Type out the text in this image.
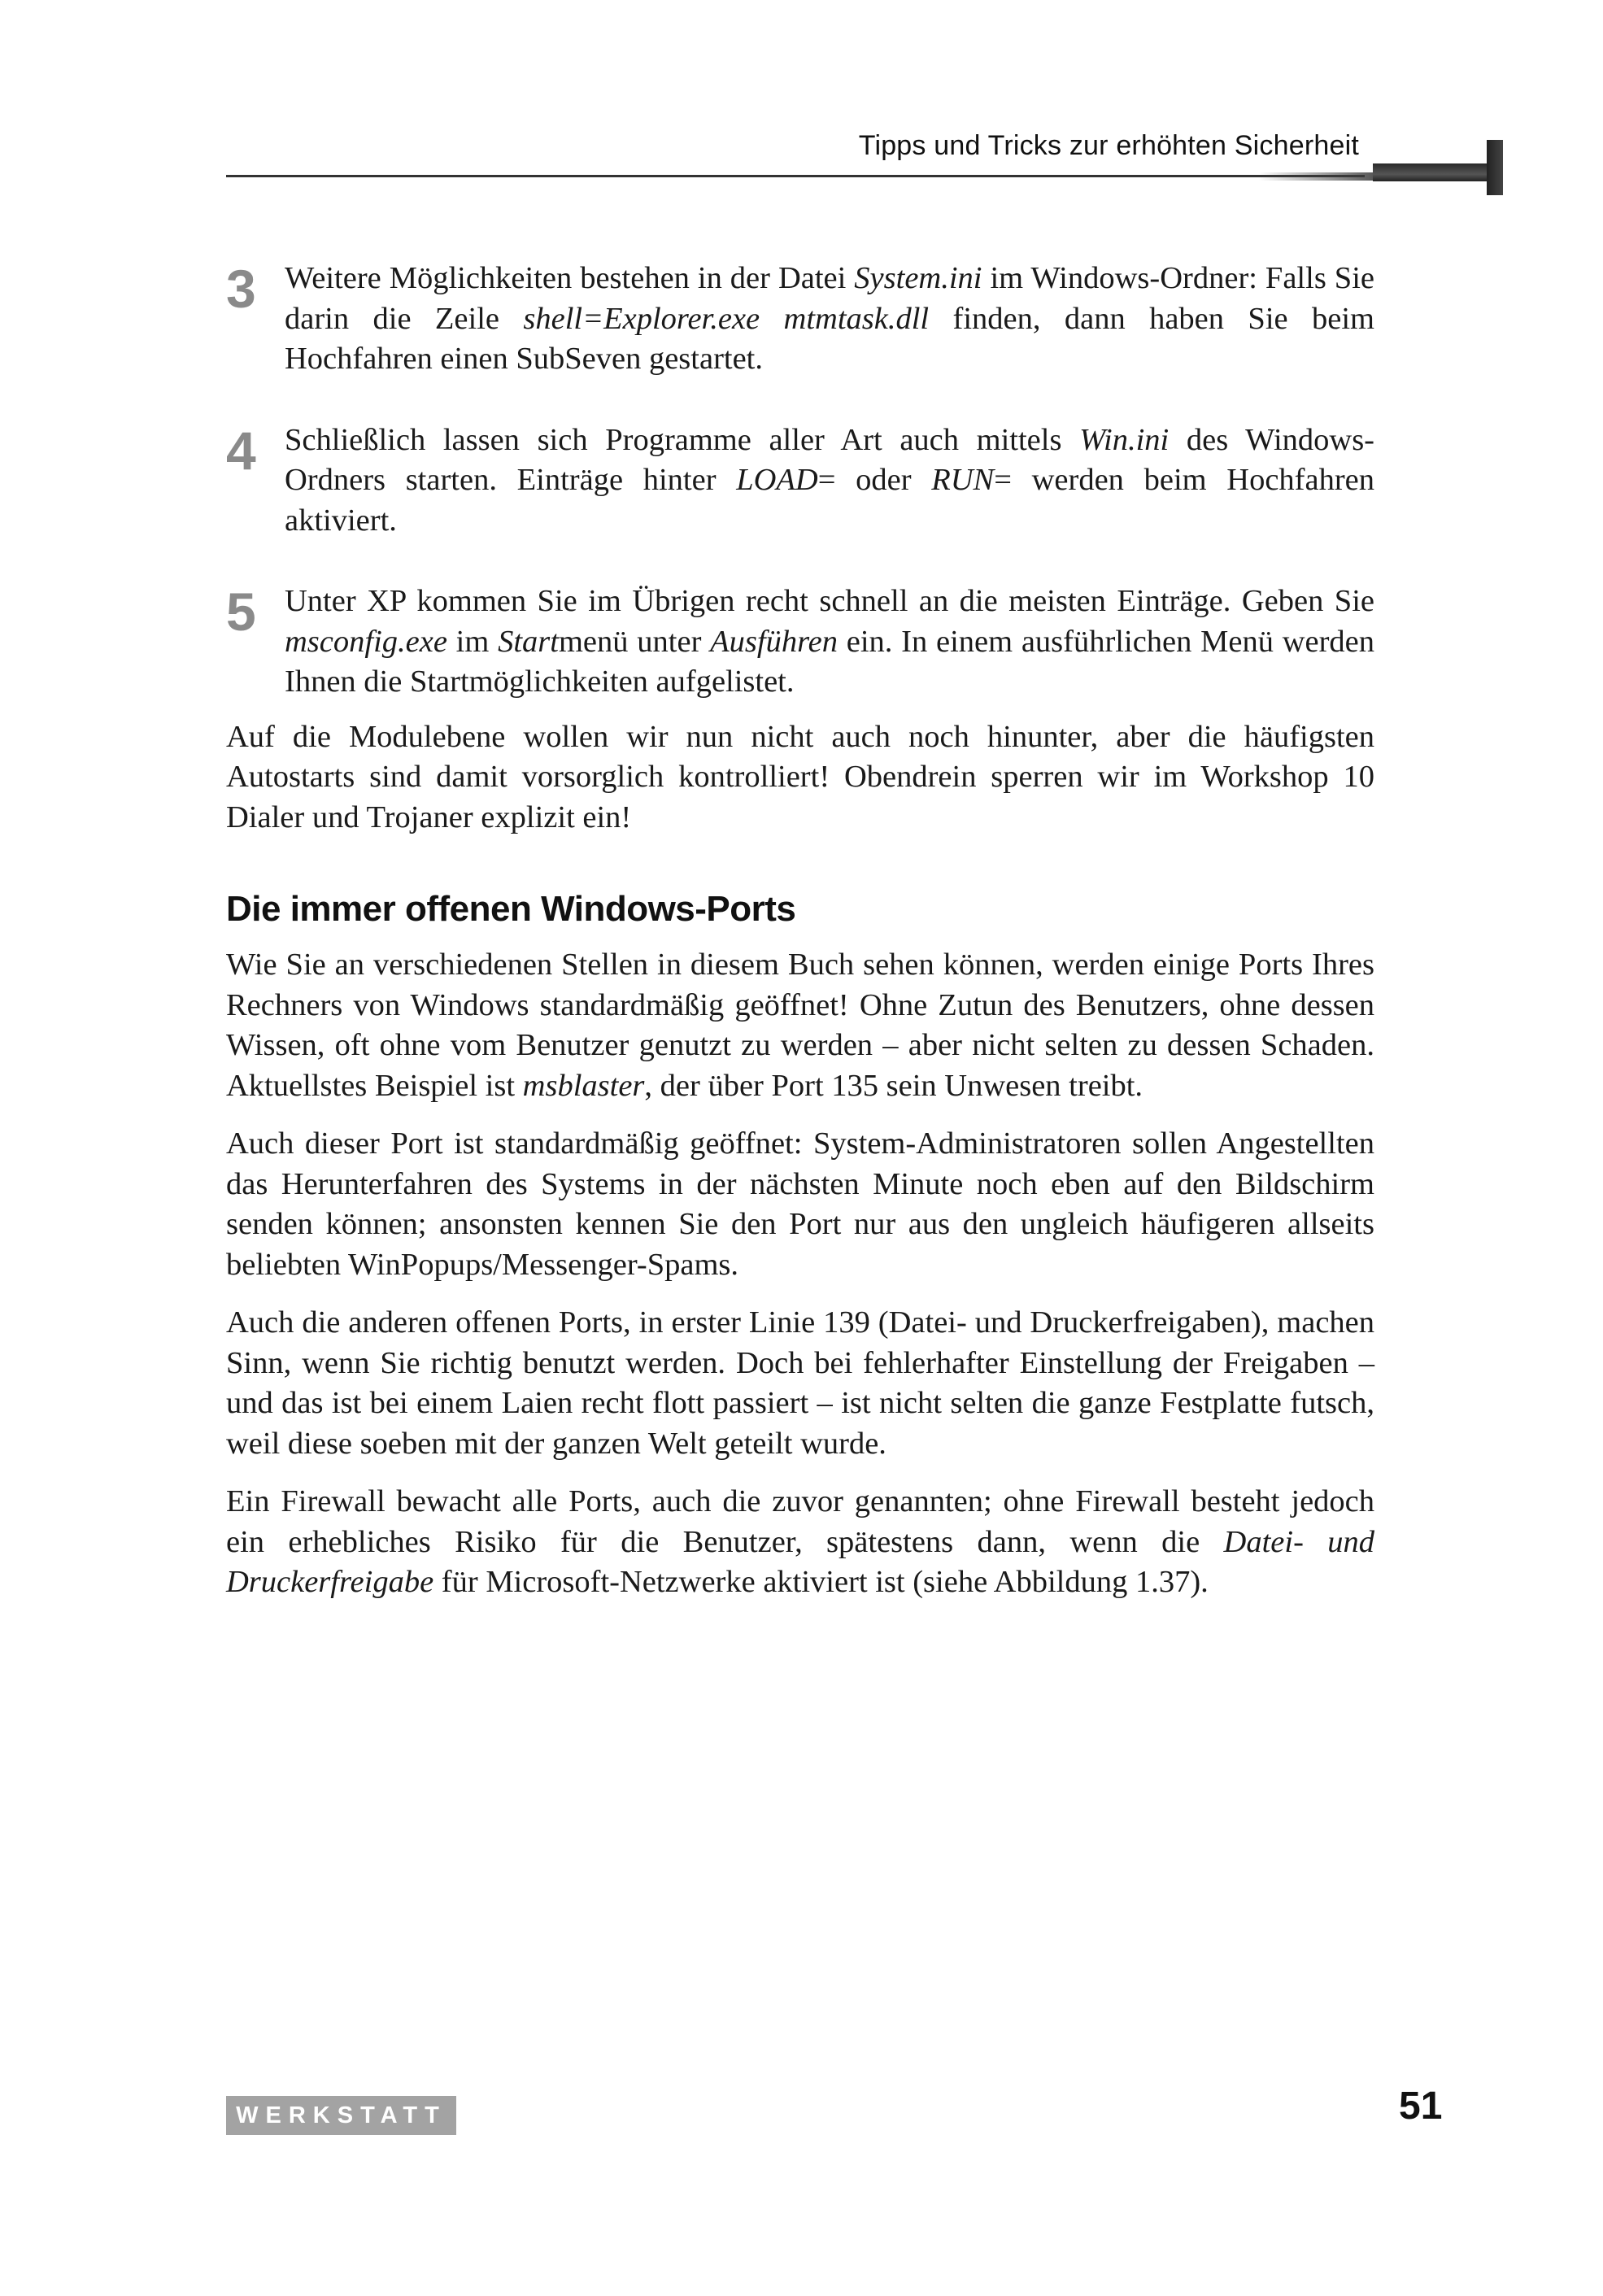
Tipps und Tricks zur erhöhten Sicherheit
3 Weitere Möglichkeiten bestehen in der Datei System.ini im Windows-Ordner: Falls Sie darin die Zeile shell=Explorer.exe mtmtask.dll finden, dann haben Sie beim Hochfahren einen SubSeven gestartet.

4 Schließlich lassen sich Programme aller Art auch mittels Win.ini des Windows-Ordners starten. Einträge hinter LOAD= oder RUN= werden beim Hochfahren aktiviert.

5 Unter XP kommen Sie im Übrigen recht schnell an die meisten Einträge. Geben Sie msconfig.exe im Startmenü unter Ausführen ein. In einem ausführlichen Menü werden Ihnen die Startmöglichkeiten aufgelistet.

Auf die Modulebene wollen wir nun nicht auch noch hinunter, aber die häufigsten Autostarts sind damit vorsorglich kontrolliert! Obendrein sperren wir im Workshop 10 Dialer und Trojaner explizit ein!

Die immer offenen Windows-Ports

Wie Sie an verschiedenen Stellen in diesem Buch sehen können, werden einige Ports Ihres Rechners von Windows standardmäßig geöffnet! Ohne Zutun des Benutzers, ohne dessen Wissen, oft ohne vom Benutzer genutzt zu werden – aber nicht selten zu dessen Schaden. Aktuellstes Beispiel ist msblaster, der über Port 135 sein Unwesen treibt.

Auch dieser Port ist standardmäßig geöffnet: System-Administratoren sollen Angestellten das Herunterfahren des Systems in der nächsten Minute noch eben auf den Bildschirm senden können; ansonsten kennen Sie den Port nur aus den ungleich häufigeren allseits beliebten WinPopups/Messenger-Spams.

Auch die anderen offenen Ports, in erster Linie 139 (Datei- und Druckerfreigaben), machen Sinn, wenn Sie richtig benutzt werden. Doch bei fehlerhafter Einstellung der Freigaben – und das ist bei einem Laien recht flott passiert – ist nicht selten die ganze Festplatte futsch, weil diese soeben mit der ganzen Welt geteilt wurde.

Ein Firewall bewacht alle Ports, auch die zuvor genannten; ohne Firewall besteht jedoch ein erhebliches Risiko für die Benutzer, spätestens dann, wenn die Datei- und Druckerfreigabe für Microsoft-Netzwerke aktiviert ist (siehe Abbildung 1.37).

WERKSTATT	51
